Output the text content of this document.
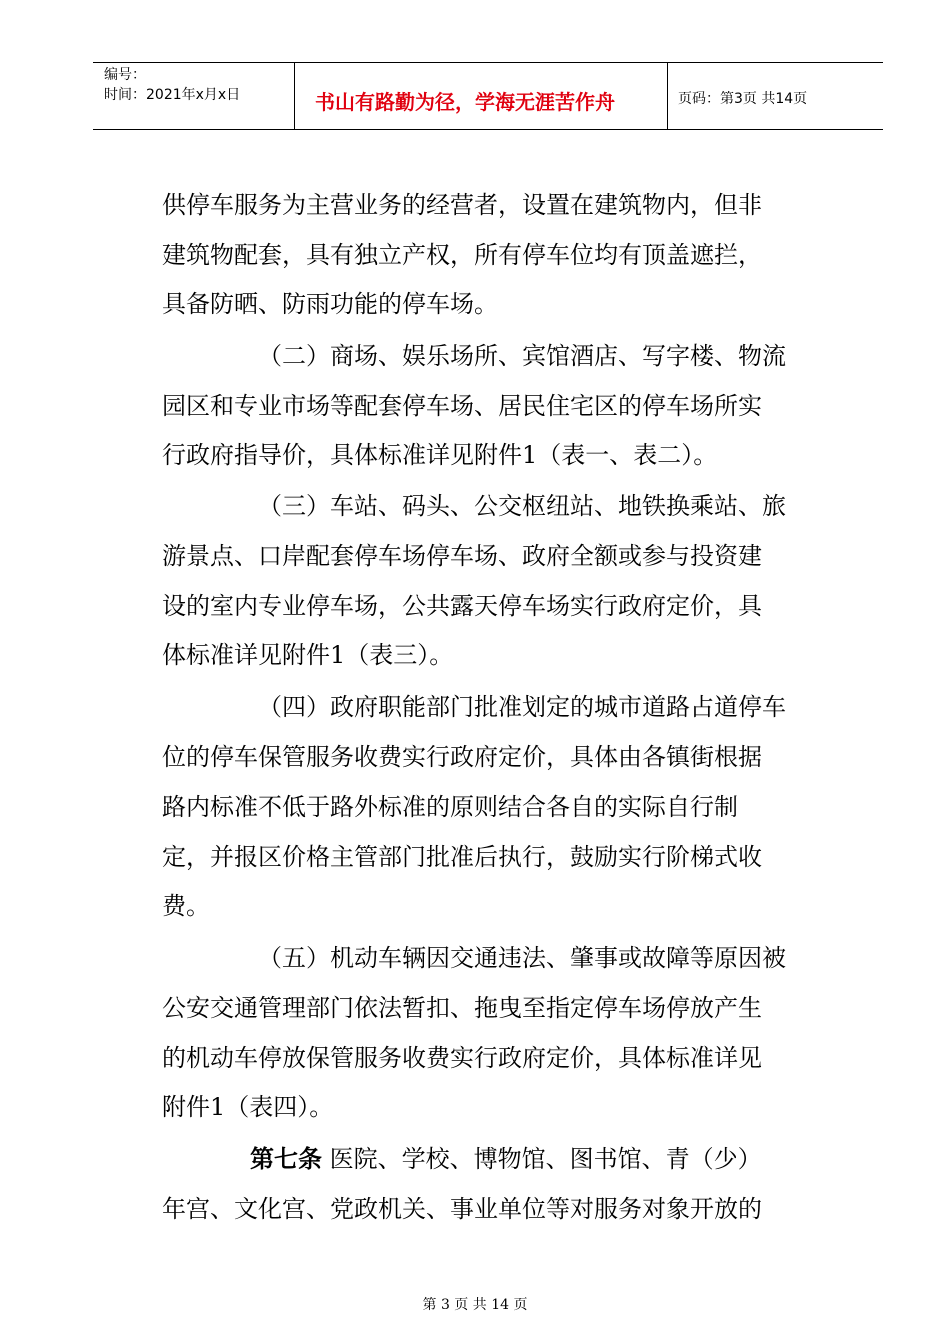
编号：
时间：2021年x月x日	书山有路勤为径，学海无涯苦作舟	页码：第3页 共14页
供停车服务为主营业务的经营者，设置在建筑物内，但非
建筑物配套，具有独立产权，所有停车位均有顶盖遮拦，
具备防晒、防雨功能的停车场。
（二）商场、娱乐场所、宾馆酒店、写字楼、物流
园区和专业市场等配套停车场、居民住宅区的停车场所实
行政府指导价，具体标准详见附件1（表一、表二）。
（三）车站、码头、公交枢纽站、地铁换乘站、旅
游景点、口岸配套停车场停车场、政府全额或参与投资建
设的室内专业停车场，公共露天停车场实行政府定价，具
体标准详见附件1（表三）。
（四）政府职能部门批准划定的城市道路占道停车
位的停车保管服务收费实行政府定价，具体由各镇街根据
路内标准不低于路外标准的原则结合各自的实际自行制
定，并报区价格主管部门批准后执行，鼓励实行阶梯式收
费。
（五）机动车辆因交通违法、肇事或故障等原因被
公安交通管理部门依法暂扣、拖曳至指定停车场停放产生
的机动车停放保管服务收费实行政府定价，具体标准详见
附件1（表四）。
第七条 医院、学校、博物馆、图书馆、青（少）
年宫、文化宫、党政机关、事业单位等对服务对象开放的
第 3 页 共 14 页
